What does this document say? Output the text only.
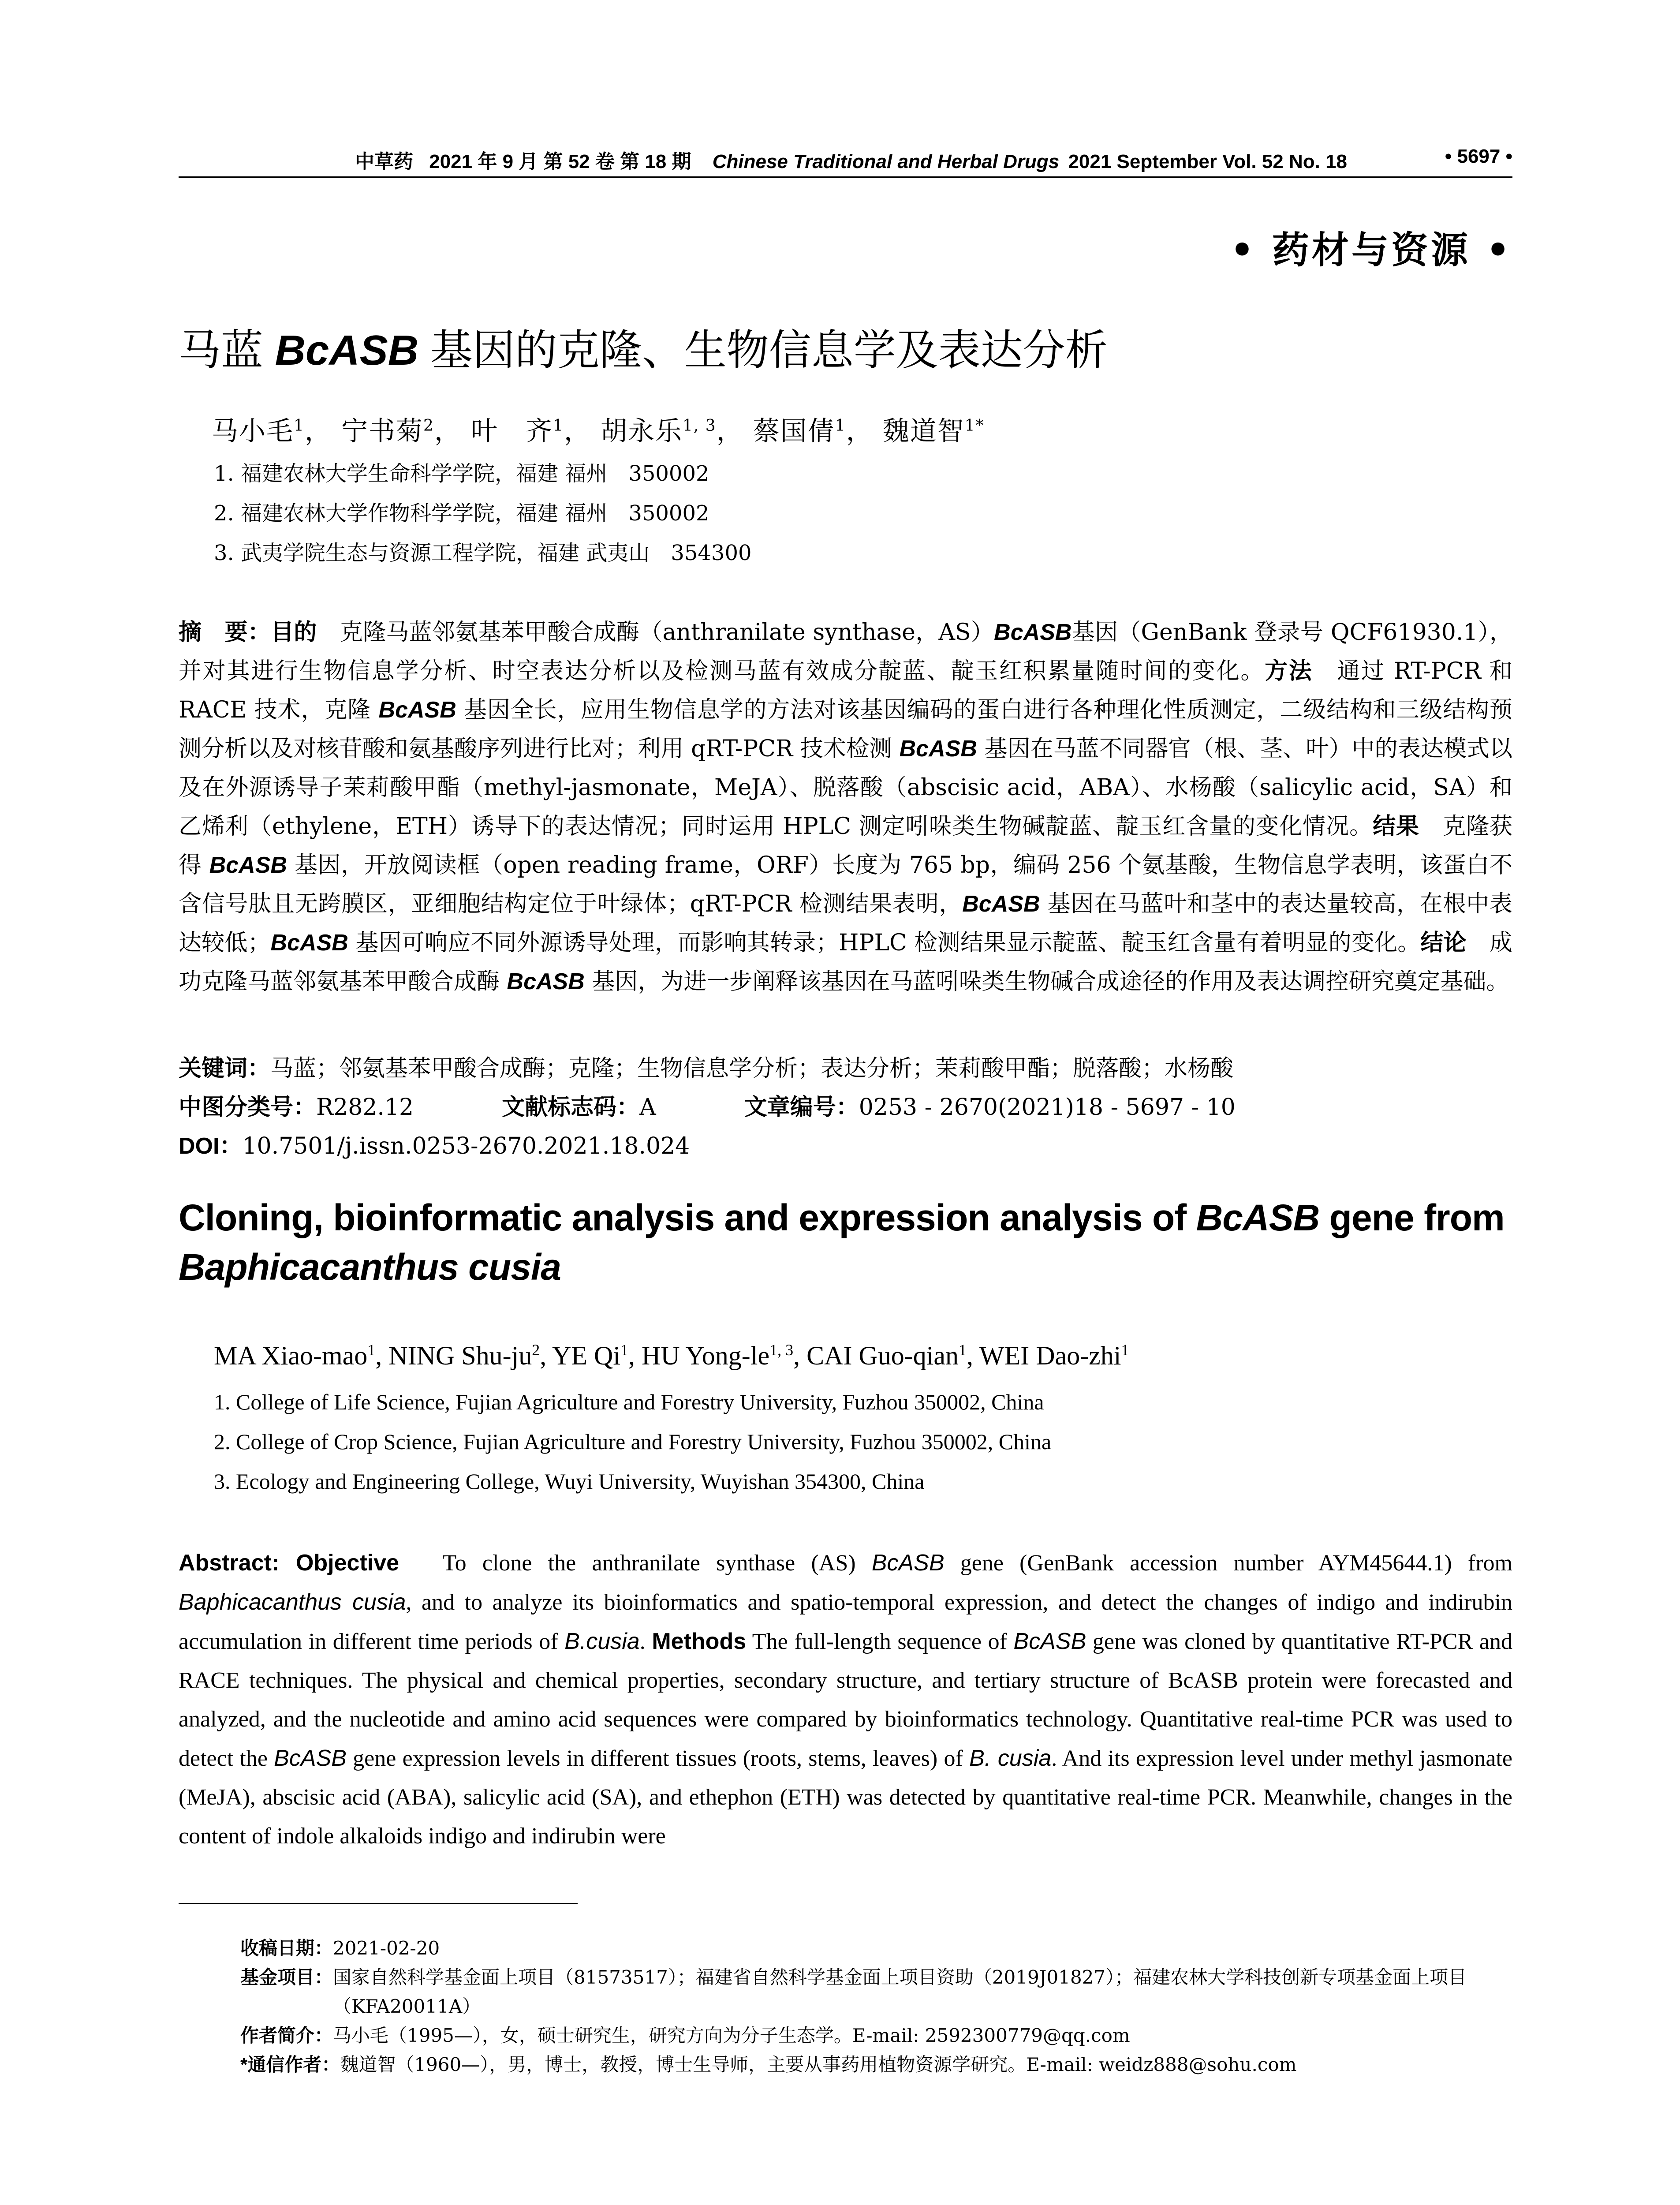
中草药 2021 年 9 月 第 52 卷 第 18 期 Chinese Traditional and Herbal Drugs 2021 September Vol. 52 No. 18	• 5697 •
• 药材与资源 •
马蓝 BcASB 基因的克隆、生物信息学及表达分析
马小毛$^1$， 宁书菊$^2$， 叶　齐$^1$， 胡永乐$^{1, 3}$， 蔡国倩$^1$， 魏道智$^{1*}$
1. 福建农林大学生命科学学院，福建 福州　350002
2. 福建农林大学作物科学学院，福建 福州　350002
3. 武夷学院生态与资源工程学院，福建 武夷山　354300
摘　要：目的　克隆马蓝邻氨基苯甲酸合成酶（anthranilate synthase，AS）BcASB基因（GenBank 登录号 QCF61930.1），并对其进行生物信息学分析、时空表达分析以及检测马蓝有效成分靛蓝、靛玉红积累量随时间的变化。方法　通过 RT-PCR 和 RACE 技术，克隆 BcASB 基因全长，应用生物信息学的方法对该基因编码的蛋白进行各种理化性质测定，二级结构和三级结构预测分析以及对核苷酸和氨基酸序列进行比对；利用 qRT-PCR 技术检测 BcASB 基因在马蓝不同器官（根、茎、叶）中的表达模式以及在外源诱导子茉莉酸甲酯（methyl-jasmonate，MeJA）、脱落酸（abscisic acid，ABA）、水杨酸（salicylic acid，SA）和乙烯利（ethylene，ETH）诱导下的表达情况；同时运用 HPLC 测定吲哚类生物碱靛蓝、靛玉红含量的变化情况。结果　克隆获得 BcASB 基因，开放阅读框（open reading frame，ORF）长度为 765 bp，编码 256 个氨基酸，生物信息学表明，该蛋白不含信号肽且无跨膜区，亚细胞结构定位于叶绿体；qRT-PCR 检测结果表明，BcASB 基因在马蓝叶和茎中的表达量较高，在根中表达较低；BcASB 基因可响应不同外源诱导处理，而影响其转录；HPLC 检测结果显示靛蓝、靛玉红含量有着明显的变化。结论　成功克隆马蓝邻氨基苯甲酸合成酶 BcASB 基因，为进一步阐释该基因在马蓝吲哚类生物碱合成途径的作用及表达调控研究奠定基础。
关键词：马蓝；邻氨基苯甲酸合成酶；克隆；生物信息学分析；表达分析；茉莉酸甲酯；脱落酸；水杨酸
中图分类号：R282.12	文献标志码：A	文章编号：0253 - 2670(2021)18 - 5697 - 10
DOI：10.7501/j.issn.0253-2670.2021.18.024
Cloning, bioinformatic analysis and expression analysis of BcASB gene from Baphicacanthus cusia
MA Xiao-mao$^1$, NING Shu-$ju^2$, YE Qi$^1$, HU Yong-le$^{1, 3}$, CAI Guo-qian$^1$, WEI Dao-zhi$^1$
1. College of Life Science, Fujian Agriculture and Forestry University, Fuzhou 350002, China
2. College of Crop Science, Fujian Agriculture and Forestry University, Fuzhou 350002, China
3. Ecology and Engineering College, Wuyi University, Wuyishan 354300, China
Abstract: Objective　To clone the anthranilate synthase (AS) BcASB gene (GenBank accession number AYM45644.1) from Baphicacanthus cusia, and to analyze its bioinformatics and spatio-temporal expression, and detect the changes of indigo and indirubin accumulation in different time periods of B.cusia. Methods The full-length sequence of BcASB gene was cloned by quantitative RT-PCR and RACE techniques. The physical and chemical properties, secondary structure, and tertiary structure of BcASB protein were forecasted and analyzed, and the nucleotide and amino acid sequences were compared by bioinformatics technology. Quantitative real-time PCR was used to detect the BcASB gene expression levels in different tissues (roots, stems, leaves) of B. cusia. And its expression level under methyl jasmonate (MeJA), abscisic acid (ABA), salicylic acid (SA), and ethephon (ETH) was detected by quantitative real-time PCR. Meanwhile, changes in the content of indole alkaloids indigo and indirubin were
收稿日期： 2021-02-20
基金项目： 国家自然科学基金面上项目（81573517）；福建省自然科学基金面上项目资助（2019J01827）；福建农林大学科技创新专项基金面上项目（KFA20011A）
作者简介： 马小毛（1995—），女，硕士研究生，研究方向为分子生态学。E-mail: 2592300779@qq.com
*通信作者： 魏道智（1960—），男，博士，教授，博士生导师，主要从事药用植物资源学研究。E-mail: weidz888@sohu.com
